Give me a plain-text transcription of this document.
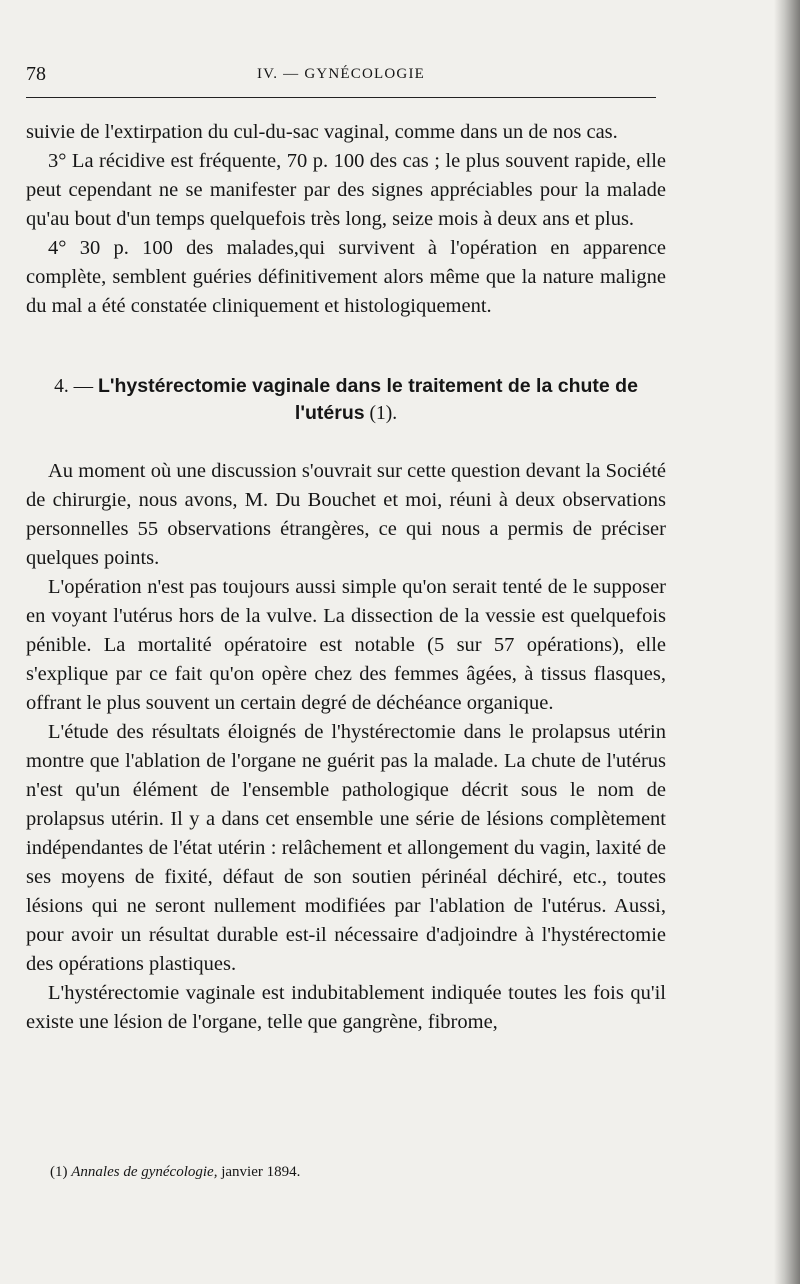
78	IV. — GYNÉCOLOGIE

suivie de l'extirpation du cul-du-sac vaginal, comme dans un de nos cas.

3° La récidive est fréquente, 70 p. 100 des cas ; le plus souvent rapide, elle peut cependant ne se manifester par des signes appréciables pour la malade qu'au bout d'un temps quelquefois très long, seize mois à deux ans et plus.

4° 30 p. 100 des malades,qui survivent à l'opération en apparence complète, semblent guéries définitivement alors même que la nature maligne du mal a été constatée cliniquement et histologiquement.

4. — L'hystérectomie vaginale dans le traitement de la chute de l'utérus (1).

Au moment où une discussion s'ouvrait sur cette question devant la Société de chirurgie, nous avons, M. Du Bouchet et moi, réuni à deux observations personnelles 55 observations étrangères, ce qui nous a permis de préciser quelques points.

L'opération n'est pas toujours aussi simple qu'on serait tenté de le supposer en voyant l'utérus hors de la vulve. La dissection de la vessie est quelquefois pénible. La mortalité opératoire est notable (5 sur 57 opérations), elle s'explique par ce fait qu'on opère chez des femmes âgées, à tissus flasques, offrant le plus souvent un certain degré de déchéance organique.

L'étude des résultats éloignés de l'hystérectomie dans le prolapsus utérin montre que l'ablation de l'organe ne guérit pas la malade. La chute de l'utérus n'est qu'un élément de l'ensemble pathologique décrit sous le nom de prolapsus utérin. Il y a dans cet ensemble une série de lésions complètement indépendantes de l'état utérin : relâchement et allongement du vagin, laxité de ses moyens de fixité, défaut de son soutien périnéal déchiré, etc., toutes lésions qui ne seront nullement modifiées par l'ablation de l'utérus. Aussi, pour avoir un résultat durable est-il nécessaire d'adjoindre à l'hystérectomie des opérations plastiques.

L'hystérectomie vaginale est indubitablement indiquée toutes les fois qu'il existe une lésion de l'organe, telle que gangrène, fibrome,

(1) Annales de gynécologie, janvier 1894.
